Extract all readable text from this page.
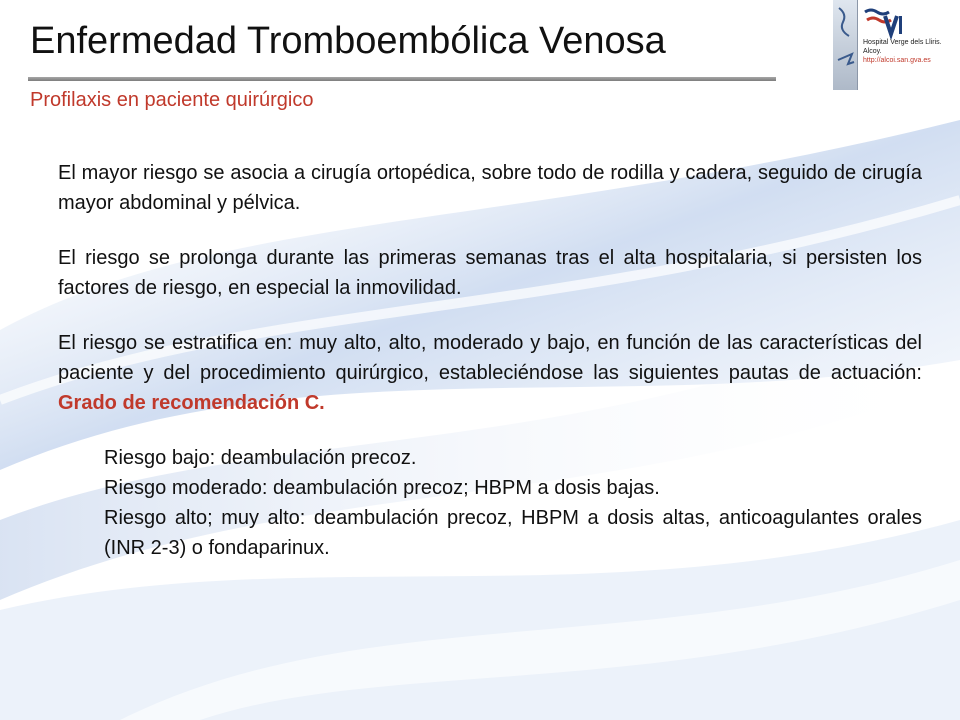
Enfermedad Tromboembólica Venosa
Profilaxis en paciente quirúrgico
Hospital Verge dels Lliris. Alcoy.
http://alcoi.san.gva.es

El mayor riesgo se asocia a cirugía ortopédica, sobre todo de rodilla y cadera, seguido de cirugía mayor abdominal y pélvica.

El riesgo se prolonga durante las primeras semanas tras el alta hospitalaria, si persisten los factores de riesgo, en especial la inmovilidad.

El riesgo se estratifica en: muy alto, alto, moderado y bajo, en función de las características del paciente y del procedimiento quirúrgico, estableciéndose las siguientes pautas de actuación: Grado de recomendación C.

Riesgo bajo: deambulación precoz.
Riesgo moderado: deambulación precoz; HBPM a dosis bajas.
Riesgo alto; muy alto: deambulación precoz, HBPM a dosis altas, anticoagulantes orales (INR 2-3) o fondaparinux.
